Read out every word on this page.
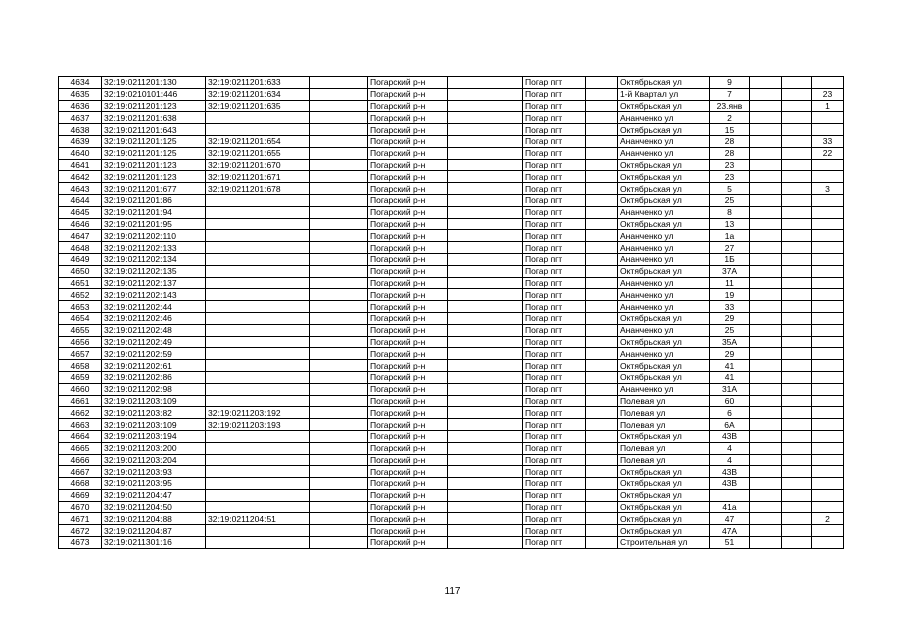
4634	32:19:0211201:130	32:19:0211201:633		Погарский р-н		Погар пгт		Октябрьская ул	9			
4635	32:19:0210101:446	32:19:0211201:634		Погарский р-н		Погар пгт		1-й Квартал ул	7			23
4636	32:19:0211201:123	32:19:0211201:635		Погарский р-н		Погар пгт		Октябрьская ул	23.янв			1
4637	32:19:0211201:638			Погарский р-н		Погар пгт		Ананченко ул	2			
4638	32:19:0211201:643			Погарский р-н		Погар пгт		Октябрьская ул	15			
4639	32:19:0211201:125	32:19:0211201:654		Погарский р-н		Погар пгт		Ананченко ул	28			33
4640	32:19:0211201:125	32:19:0211201:655		Погарский р-н		Погар пгт		Ананченко ул	28			22
4641	32:19:0211201:123	32:19:0211201:670		Погарский р-н		Погар пгт		Октябрьская ул	23			
4642	32:19:0211201:123	32:19:0211201:671		Погарский р-н		Погар пгт		Октябрьская ул	23			
4643	32:19:0211201:677	32:19:0211201:678		Погарский р-н		Погар пгт		Октябрьская ул	5			3
4644	32:19:0211201:86			Погарский р-н		Погар пгт		Октябрьская ул	25			
4645	32:19:0211201:94			Погарский р-н		Погар пгт		Ананченко ул	8			
4646	32:19:0211201:95			Погарский р-н		Погар пгт		Октябрьская ул	13			
4647	32:19:0211202:110			Погарский р-н		Погар пгт		Ананченко ул	1а			
4648	32:19:0211202:133			Погарский р-н		Погар пгт		Ананченко ул	27			
4649	32:19:0211202:134			Погарский р-н		Погар пгт		Ананченко ул	1Б			
4650	32:19:0211202:135			Погарский р-н		Погар пгт		Октябрьская ул	37А			
4651	32:19:0211202:137			Погарский р-н		Погар пгт		Ананченко ул	11			
4652	32:19:0211202:143			Погарский р-н		Погар пгт		Ананченко ул	19			
4653	32:19:0211202:44			Погарский р-н		Погар пгт		Ананченко ул	33			
4654	32:19:0211202:46			Погарский р-н		Погар пгт		Октябрьская ул	29			
4655	32:19:0211202:48			Погарский р-н		Погар пгт		Ананченко ул	25			
4656	32:19:0211202:49			Погарский р-н		Погар пгт		Октябрьская ул	35А			
4657	32:19:0211202:59			Погарский р-н		Погар пгт		Ананченко ул	29			
4658	32:19:0211202:61			Погарский р-н		Погар пгт		Октябрьская ул	41			
4659	32:19:0211202:86			Погарский р-н		Погар пгт		Октябрьская ул	41			
4660	32:19:0211202:98			Погарский р-н		Погар пгт		Ананченко ул	31А			
4661	32:19:0211203:109			Погарский р-н		Погар пгт		Полевая ул	60			
4662	32:19:0211203:82	32:19:0211203:192		Погарский р-н		Погар пгт		Полевая ул	6			
4663	32:19:0211203:109	32:19:0211203:193		Погарский р-н		Погар пгт		Полевая ул	6А			
4664	32:19:0211203:194			Погарский р-н		Погар пгт		Октябрьская ул	43В			
4665	32:19:0211203:200			Погарский р-н		Погар пгт		Полевая ул	4			
4666	32:19:0211203:204			Погарский р-н		Погар пгт		Полевая ул	4			
4667	32:19:0211203:93			Погарский р-н		Погар пгт		Октябрьская ул	43В			
4668	32:19:0211203:95			Погарский р-н		Погар пгт		Октябрьская ул	43В			
4669	32:19:0211204:47			Погарский р-н		Погар пгт		Октябрьская ул				
4670	32:19:0211204:50			Погарский р-н		Погар пгт		Октябрьская ул	41а			
4671	32:19:0211204:88	32:19:0211204:51		Погарский р-н		Погар пгт		Октябрьская ул	47			2
4672	32:19:0211204:87			Погарский р-н		Погар пгт		Октябрьская ул	47А			
4673	32:19:0211301:16			Погарский р-н		Погар пгт		Строительная ул	51			
117
